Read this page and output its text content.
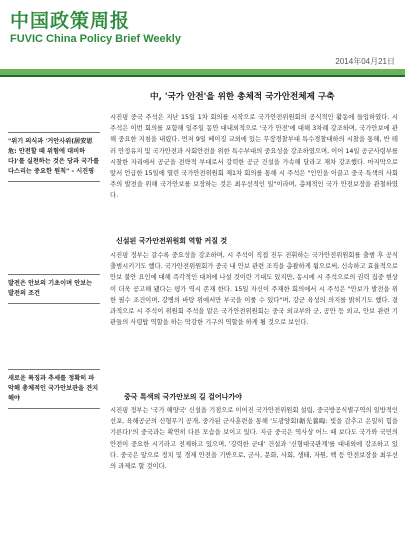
中国政策周报
FUVIC China Policy Brief Weekly
2014年04月21日
中, '국가 안전'을 위한 총체적 국가안전체제 구축

"위기 의식과 '거안사위(居安思危: 안전할 때 위험에 대비하다)'를 실천하는 것은 당과 국가를 다스리는 중요한 원칙" - 시진핑

발전은 안보의 기초이며 안보는 발전의 조건

새로운 특징과 추세를 정확히 파악해 총체적인 국가안보관을 견지해야

시진핑 중국 주석은 지난 15일 1차 회의를 시작으로 국가안전위원회의 공식적인 활동에 들입하였다. 시 주석은 이번 회의를 포함해 일주일 동안 대내외적으로 '국가 안전'에 대해 3차례 강조하며, 국가안보에 관해 중요한 지침을 내렸다. 먼저 9일 베이징 교외에 있는 무장경찰부대 특수경찰대하의 시찰을 통해, 반 테러 안정유지 및 국가안전과 사회안전을 위한 특수부대의 중요성을 강조하였으며, 이어 14일 공군사령부를 시찰한 자리에서 공군을 전략적 부대로서 강력한 공군 건설을 가속해 달라고 재차 강조했다. 마지막으로 앞서 언급한 15일에 열린 국가안전위원회 제1차 회의를 통해 시 주석은 "인민을 이끌고 중국 특색의 사회주의 발전을 위해 국가안보를 보장하는 것은 최우선적인 일"이라며, 총체적인 국가 안전보장을 관철하였다.

신설된 국가안전위원회 역할 커질 것

시진핑 정부는 갈수록 중요성을 강조하며, 시 주석이 직접 진두 진휘하는 국가안전위원회를 출범 후 공식 출범시키기도 했다. 국가안전위원회가 중국 내 안보 관련 조직을 총괄하게 됨으로써, 신속하고 효율적으로 안보 불안 요인에 대해 즉각적인 대처에 나설 것이란 기대도 있지만, 동시에 시 주석으로의 권력 집중 현상이 더욱 공고해 됐다는 평가 역시 존재 한다. 15일 자신이 주재한 회의에서 시 주석은 "안보가 발전을 위한 필수 조건이며, 강병의 바탕 위에서만 부국을 이룰 수 있다"며, 강군 육성의 의지를 밝히기도 했다. 결과적으로 시 주석이 위원회 주석을 맡은 국가안전위원회는 중국 외교부와 군, 공안 등 외교, 안보 관련 기관들의 사령탑 역할을 하는 막강한 기구의 역할을 하게 될 것으로 보인다.

중국 특색의 국가안보의 길 걸어나가야

시진핑 정부는 '국가 해양국' 신설을 기점으로 이어진 국가안전위원회 설립, 중국방공식별구역의 일방적인 선포, 육해공군의 신형무기 공개, 중가된 군사훈련을 통해 '도광양회(韜光養晦: 빛을 감추고 은밀히 힘을 기른다)'의 중국과는 확연히 다른 모습을 보이고 있다. 지금 중국은 역사상 어느 때 보다도 국가와 국민의 안전이 중요한 시기라고 전제하고 있으며, '강력한 군대' 건설과 '신형대국관계'를 대내외에 강조하고 있다. 중국은 앞으로 정치 및 경제 안전을 기반으로, 군사, 문화, 사회, 생태, 자원, 핵 등 안전보장을 최우선의 과제로 할 것이다.
